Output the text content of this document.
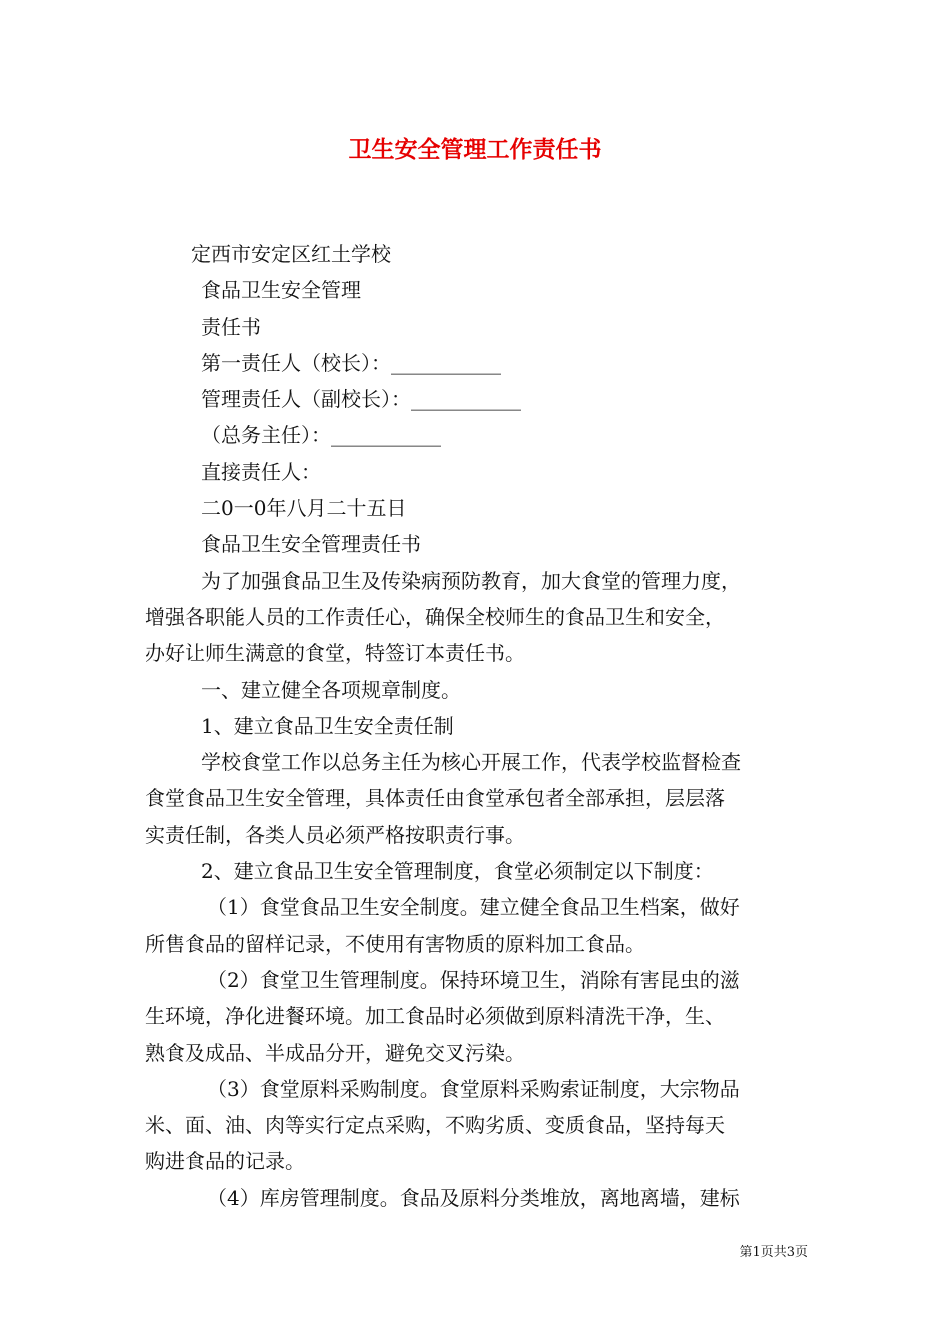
卫生安全管理工作责任书
定西市安定区红土学校
食品卫生安全管理
责任书
第一责任人（校长）：___________
管理责任人（副校长）：___________
（总务主任）：___________
直接责任人：
二0一0年八月二十五日
食品卫生安全管理责任书
为了加强食品卫生及传染病预防教育，加大食堂的管理力度，
增强各职能人员的工作责任心，确保全校师生的食品卫生和安全，
办好让师生满意的食堂，特签订本责任书。
一、建立健全各项规章制度。
1、建立食品卫生安全责任制
学校食堂工作以总务主任为核心开展工作，代表学校监督检查
食堂食品卫生安全管理，具体责任由食堂承包者全部承担，层层落
实责任制，各类人员必须严格按职责行事。
2、建立食品卫生安全管理制度，食堂必须制定以下制度：
（1）食堂食品卫生安全制度。建立健全食品卫生档案，做好
所售食品的留样记录，不使用有害物质的原料加工食品。
（2）食堂卫生管理制度。保持环境卫生，消除有害昆虫的滋
生环境，净化进餐环境。加工食品时必须做到原料清洗干净，生、
熟食及成品、半成品分开，避免交叉污染。
（3）食堂原料采购制度。食堂原料采购索证制度，大宗物品
米、面、油、肉等实行定点采购，不购劣质、变质食品，坚持每天
购进食品的记录。
（4）库房管理制度。食品及原料分类堆放，离地离墙，建标
第1页共3页
